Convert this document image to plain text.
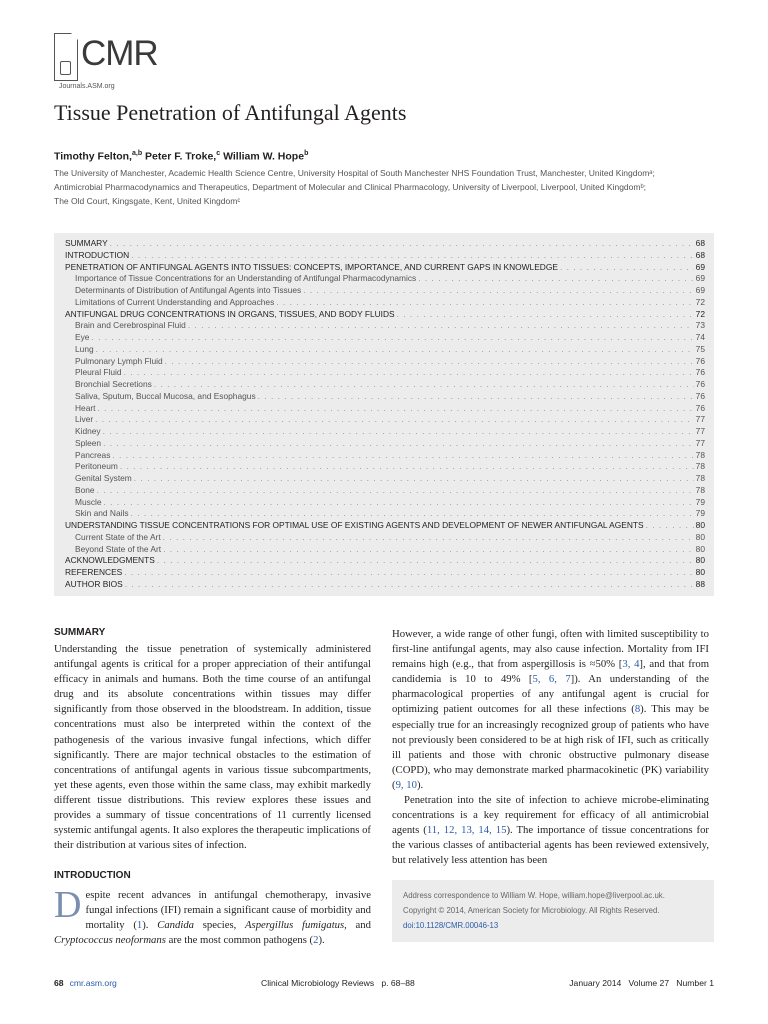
CMR
Journals.ASM.org
Tissue Penetration of Antifungal Agents
Timothy Felton,$^{a,b}$ Peter F. Troke,$^c$ William W. Hope$^b$
The University of Manchester, Academic Health Science Centre, University Hospital of South Manchester NHS Foundation Trust, Manchester, United Kingdomᵃ;
Antimicrobial Pharmacodynamics and Therapeutics, Department of Molecular and Clinical Pharmacology, University of Liverpool, Liverpool, United Kingdomᵇ;
The Old Court, Kingsgate, Kent, United Kingdomᶜ
SUMMARY . . .	68
INTRODUCTION . . .	68
PENETRATION OF ANTIFUNGAL AGENTS INTO TISSUES: CONCEPTS, IMPORTANCE, AND CURRENT GAPS IN KNOWLEDGE . . .	69
Importance of Tissue Concentrations for an Understanding of Antifungal Pharmacodynamics . . .	69
Determinants of Distribution of Antifungal Agents into Tissues . . .	69
Limitations of Current Understanding and Approaches . . .	72
ANTIFUNGAL DRUG CONCENTRATIONS IN ORGANS, TISSUES, AND BODY FLUIDS . . .	72
Brain and Cerebrospinal Fluid . . .	73
Eye . . .	74
Lung . . .	75
Pulmonary Lymph Fluid . . .	76
Pleural Fluid . . .	76
Bronchial Secretions . . .	76
Saliva, Sputum, Buccal Mucosa, and Esophagus . . .	76
Heart . . .	76
Liver . . .	77
Kidney . . .	77
Spleen . . .	77
Pancreas . . .	78
Peritoneum . . .	78
Genital System . . .	78
Bone . . .	78
Muscle . . .	79
Skin and Nails . . .	79
UNDERSTANDING TISSUE CONCENTRATIONS FOR OPTIMAL USE OF EXISTING AGENTS AND DEVELOPMENT OF NEWER ANTIFUNGAL AGENTS . . .	80
Current State of the Art . . .	80
Beyond State of the Art . . .	80
ACKNOWLEDGMENTS . . .	80
REFERENCES . . .	80
AUTHOR BIOS . . .	88
SUMMARY

Understanding the tissue penetration of systemically administered antifungal agents is critical for a proper appreciation of their antifungal efficacy in animals and humans. Both the time course of an antifungal drug and its absolute concentrations within tissues may differ significantly from those observed in the bloodstream. In addition, tissue concentrations must also be interpreted within the context of the pathogenesis of the various invasive fungal infections, which differ significantly. There are major technical obstacles to the estimation of concentrations of antifungal agents in various tissue subcompartments, yet these agents, even those within the same class, may exhibit markedly different tissue distributions. This review explores these issues and provides a summary of tissue concentrations of 11 currently licensed systemic antifungal agents. It also explores the therapeutic implications of their distribution at various sites of infection.

INTRODUCTION
Despite recent advances in antifungal chemotherapy, invasive fungal infections (IFI) remain a significant cause of morbidity and mortality (1). Candida species, Aspergillus fumigatus, and Cryptococcus neoformans are the most common pathogens (2).

However, a wide range of other fungi, often with limited susceptibility to first-line antifungal agents, may also cause infection. Mortality from IFI remains high (e.g., that from aspergillosis is ≈50% [3, 4], and that from candidemia is 10 to 49% [5, 6, 7]). An understanding of the pharmacological properties of any antifungal agent is crucial for optimizing patient outcomes for all these infections (8). This may be especially true for an increasingly recognized group of patients who have not previously been considered to be at high risk of IFI, such as critically ill patients and those with chronic obstructive pulmonary disease (COPD), who may demonstrate marked pharmacokinetic (PK) variability (9, 10).

Penetration into the site of infection to achieve microbe-eliminating concentrations is a key requirement for efficacy of all antimicrobial agents (11, 12, 13, 14, 15). The importance of tissue concentrations for the various classes of antibacterial agents has been reviewed extensively, but relatively less attention has been

Address correspondence to William W. Hope, william.hope@liverpool.ac.uk.
Copyright © 2014, American Society for Microbiology. All Rights Reserved.
doi:10.1128/CMR.00046-13
68 cmr.asm.org	Clinical Microbiology Reviews   p. 68–88	January 2014   Volume 27   Number 1
